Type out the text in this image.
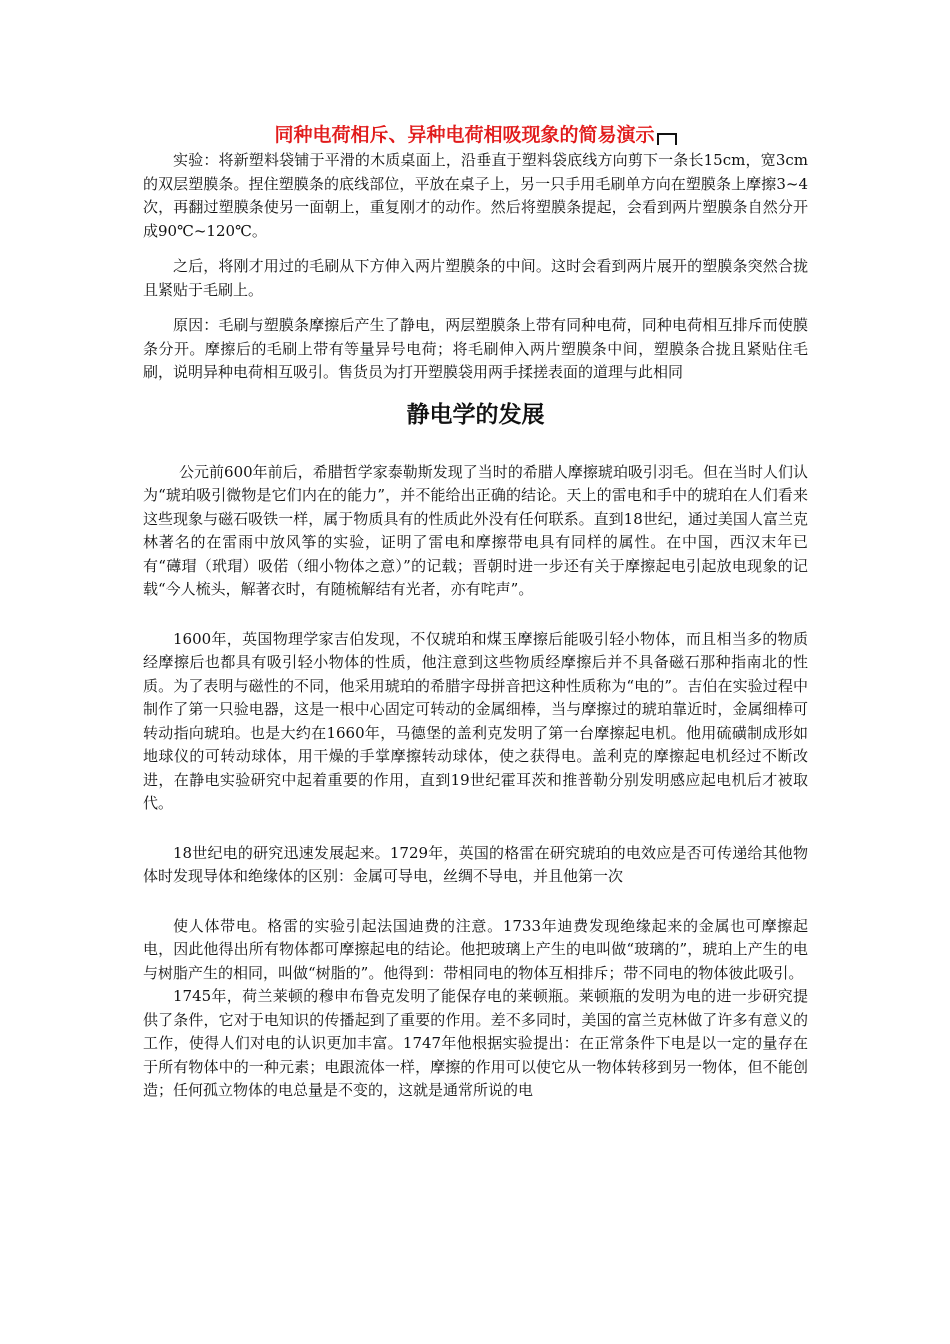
同种电荷相斥、异种电荷相吸现象的简易演示

实验：将新塑料袋铺于平滑的木质桌面上，沿垂直于塑料袋底线方向剪下一条长15cm，宽3cm的双层塑膜条。捏住塑膜条的底线部位，平放在桌子上，另一只手用毛刷单方向在塑膜条上摩擦3~4次，再翻过塑膜条使另一面朝上，重复刚才的动作。然后将塑膜条提起，会看到两片塑膜条自然分开成90℃~120℃。

之后，将刚才用过的毛刷从下方伸入两片塑膜条的中间。这时会看到两片展开的塑膜条突然合拢且紧贴于毛刷上。

原因：毛刷与塑膜条摩擦后产生了静电，两层塑膜条上带有同种电荷，同种电荷相互排斥而使膜条分开。摩擦后的毛刷上带有等量异号电荷；将毛刷伸入两片塑膜条中间，塑膜条合拢且紧贴住毛刷，说明异种电荷相互吸引。售货员为打开塑膜袋用两手揉搓表面的道理与此相同

静电学的发展

公元前600年前后，希腊哲学家泰勒斯发现了当时的希腊人摩擦琥珀吸引羽毛。但在当时人们认为“琥珀吸引微物是它们内在的能力”，并不能给出正确的结论。天上的雷电和手中的琥珀在人们看来这些现象与磁石吸铁一样，属于物质具有的性质此外没有任何联系。直到18世纪，通过美国人富兰克林著名的在雷雨中放风筝的实验，证明了雷电和摩擦带电具有同样的属性。在中国，西汉末年已有“礡瑁（玳瑁）吸偌（细小物体之意）”的记载；晋朝时进一步还有关于摩擦起电引起放电现象的记载“今人梳头，解著衣时，有随梳解结有光者，亦有咤声”。

1600年，英国物理学家吉伯发现，不仅琥珀和煤玉摩擦后能吸引轻小物体，而且相当多的物质经摩擦后也都具有吸引轻小物体的性质，他注意到这些物质经摩擦后并不具备磁石那种指南北的性质。为了表明与磁性的不同，他采用琥珀的希腊字母拼音把这种性质称为“电的”。吉伯在实验过程中制作了第一只验电器，这是一根中心固定可转动的金属细棒，当与摩擦过的琥珀靠近时，金属细棒可转动指向琥珀。也是大约在1660年，马德堡的盖利克发明了第一台摩擦起电机。他用硫磺制成形如地球仪的可转动球体，用干燥的手掌摩擦转动球体，使之获得电。盖利克的摩擦起电机经过不断改进，在静电实验研究中起着重要的作用，直到19世纪霍耳茨和推普勒分别发明感应起电机后才被取代。

18世纪电的研究迅速发展起来。1729年，英国的格雷在研究琥珀的电效应是否可传递给其他物体时发现导体和绝缘体的区别：金属可导电，丝绸不导电，并且他第一次

使人体带电。格雷的实验引起法国迪费的注意。1733年迪费发现绝缘起来的金属也可摩擦起电，因此他得出所有物体都可摩擦起电的结论。他把玻璃上产生的电叫做“玻璃的”，琥珀上产生的电与树脂产生的相同，叫做“树脂的”。他得到：带相同电的物体互相排斥；带不同电的物体彼此吸引。

1745年，荷兰莱顿的穆申布鲁克发明了能保存电的莱顿瓶。莱顿瓶的发明为电的进一步研究提供了条件，它对于电知识的传播起到了重要的作用。差不多同时，美国的富兰克林做了许多有意义的工作，使得人们对电的认识更加丰富。1747年他根据实验提出：在正常条件下电是以一定的量存在于所有物体中的一种元素；电跟流体一样，摩擦的作用可以使它从一物体转移到另一物体，但不能创造；任何孤立物体的电总量是不变的，这就是通常所说的电
